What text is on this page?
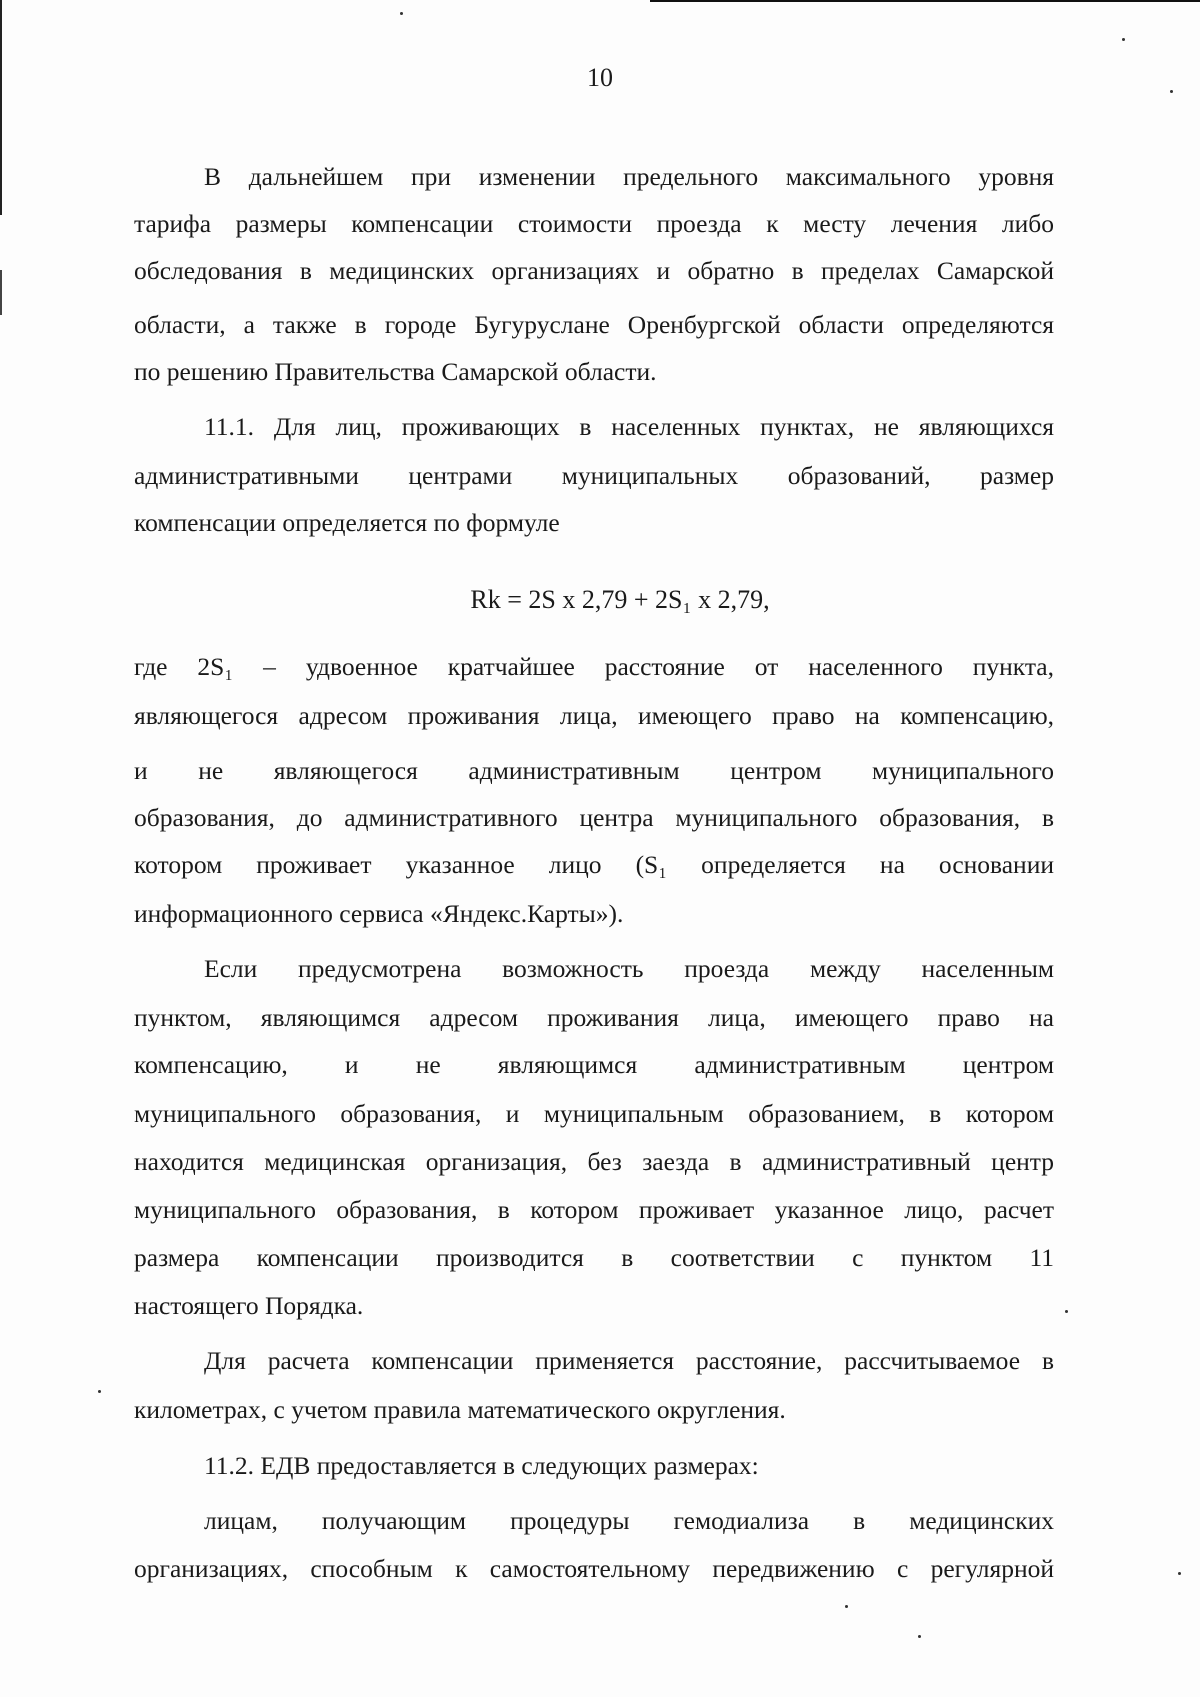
10
В дальнейшем при изменении предельного максимального уровня
тарифа размеры компенсации стоимости проезда к месту лечения либо
обследования в медицинских организациях и обратно в пределах Самарской
области, а также в городе Бугуруслане Оренбургской области определяются
по решению Правительства Самарской области.
11.1. Для лиц, проживающих в населенных пунктах, не являющихся
административными центрами муниципальных образований, размер
компенсации определяется по формуле
Rk = 2S х 2,79 + 2S₁ х 2,79,
где 2S₁ – удвоенное кратчайшее расстояние от населенного пункта,
являющегося адресом проживания лица, имеющего право на компенсацию,
и не являющегося административным центром муниципального
образования, до административного центра муниципального образования, в
котором проживает указанное лицо (S₁ определяется на основании
информационного сервиса «Яндекс.Карты»).
Если предусмотрена возможность проезда между населенным
пунктом, являющимся адресом проживания лица, имеющего право на
компенсацию, и не являющимся административным центром
муниципального образования, и муниципальным образованием, в котором
находится медицинская организация, без заезда в административный центр
муниципального образования, в котором проживает указанное лицо, расчет
размера компенсации производится в соответствии с пунктом 11
настоящего Порядка.
Для расчета компенсации применяется расстояние, рассчитываемое в
километрах, с учетом правила математического округления.
11.2. ЕДВ предоставляется в следующих размерах:
лицам, получающим процедуры гемодиализа в медицинских
организациях, способным к самостоятельному передвижению с регулярной
